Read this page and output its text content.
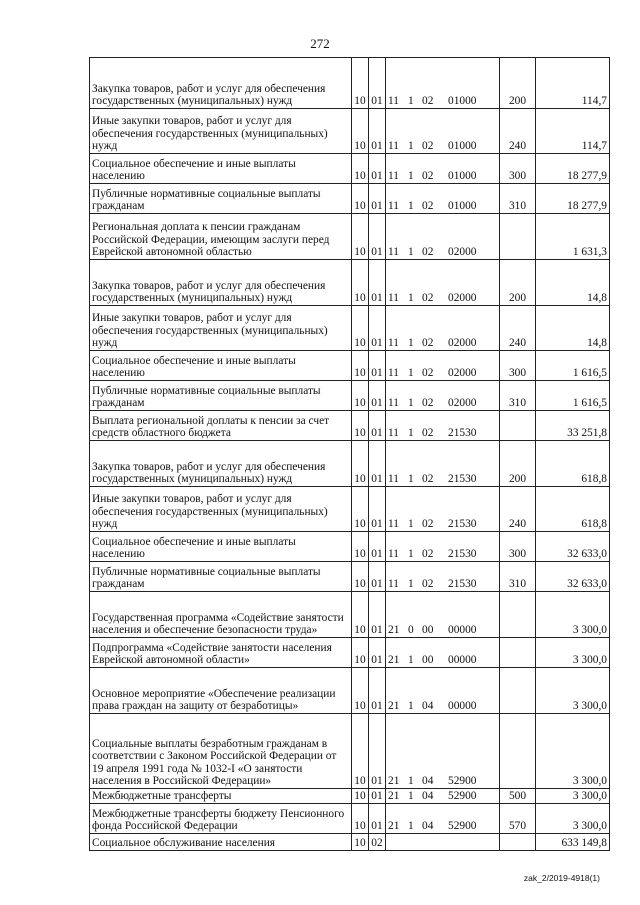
272
Закупка товаров, работ и услуг для обеспечения государственных (муниципальных) нужд	10	01	11 1 02 01000	200	114,7
Иные закупки товаров, работ и услуг для обеспечения государственных (муниципальных) нужд	10	01	11 1 02 01000	240	114,7
Социальное обеспечение и иные выплаты населению	10	01	11 1 02 01000	300	18 277,9
Публичные нормативные социальные выплаты гражданам	10	01	11 1 02 01000	310	18 277,9
Региональная доплата к пенсии гражданам Российской Федерации, имеющим заслуги перед Еврейской автономной областью	10	01	11 1 02 02000		1 631,3
Закупка товаров, работ и услуг для обеспечения государственных (муниципальных) нужд	10	01	11 1 02 02000	200	14,8
Иные закупки товаров, работ и услуг для обеспечения государственных (муниципальных) нужд	10	01	11 1 02 02000	240	14,8
Социальное обеспечение и иные выплаты населению	10	01	11 1 02 02000	300	1 616,5
Публичные нормативные социальные выплаты гражданам	10	01	11 1 02 02000	310	1 616,5
Выплата региональной доплаты к пенсии за счет средств областного бюджета	10	01	11 1 02 21530		33 251,8
Закупка товаров, работ и услуг для обеспечения государственных (муниципальных) нужд	10	01	11 1 02 21530	200	618,8
Иные закупки товаров, работ и услуг для обеспечения государственных (муниципальных) нужд	10	01	11 1 02 21530	240	618,8
Социальное обеспечение и иные выплаты населению	10	01	11 1 02 21530	300	32 633,0
Публичные нормативные социальные выплаты гражданам	10	01	11 1 02 21530	310	32 633,0
Государственная программа «Содействие занятости населения и обеспечение безопасности труда»	10	01	21 0 00 00000		3 300,0
Подпрограмма «Содействие занятости населения Еврейской автономной области»	10	01	21 1 00 00000		3 300,0
Основное мероприятие «Обеспечение реализации права граждан на защиту от безработицы»	10	01	21 1 04 00000		3 300,0
Социальные выплаты безработным гражданам в соответствии с Законом Российской Федерации от 19 апреля 1991 года № 1032-I «О занятости населения в Российской Федерации»	10	01	21 1 04 52900		3 300,0
Межбюджетные трансферты	10	01	21 1 04 52900	500	3 300,0
Межбюджетные трансферты бюджету Пенсионного фонда Российской Федерации	10	01	21 1 04 52900	570	3 300,0
Социальное обслуживание населения	10	02			633 149,8
zak_2/2019-4918(1)
